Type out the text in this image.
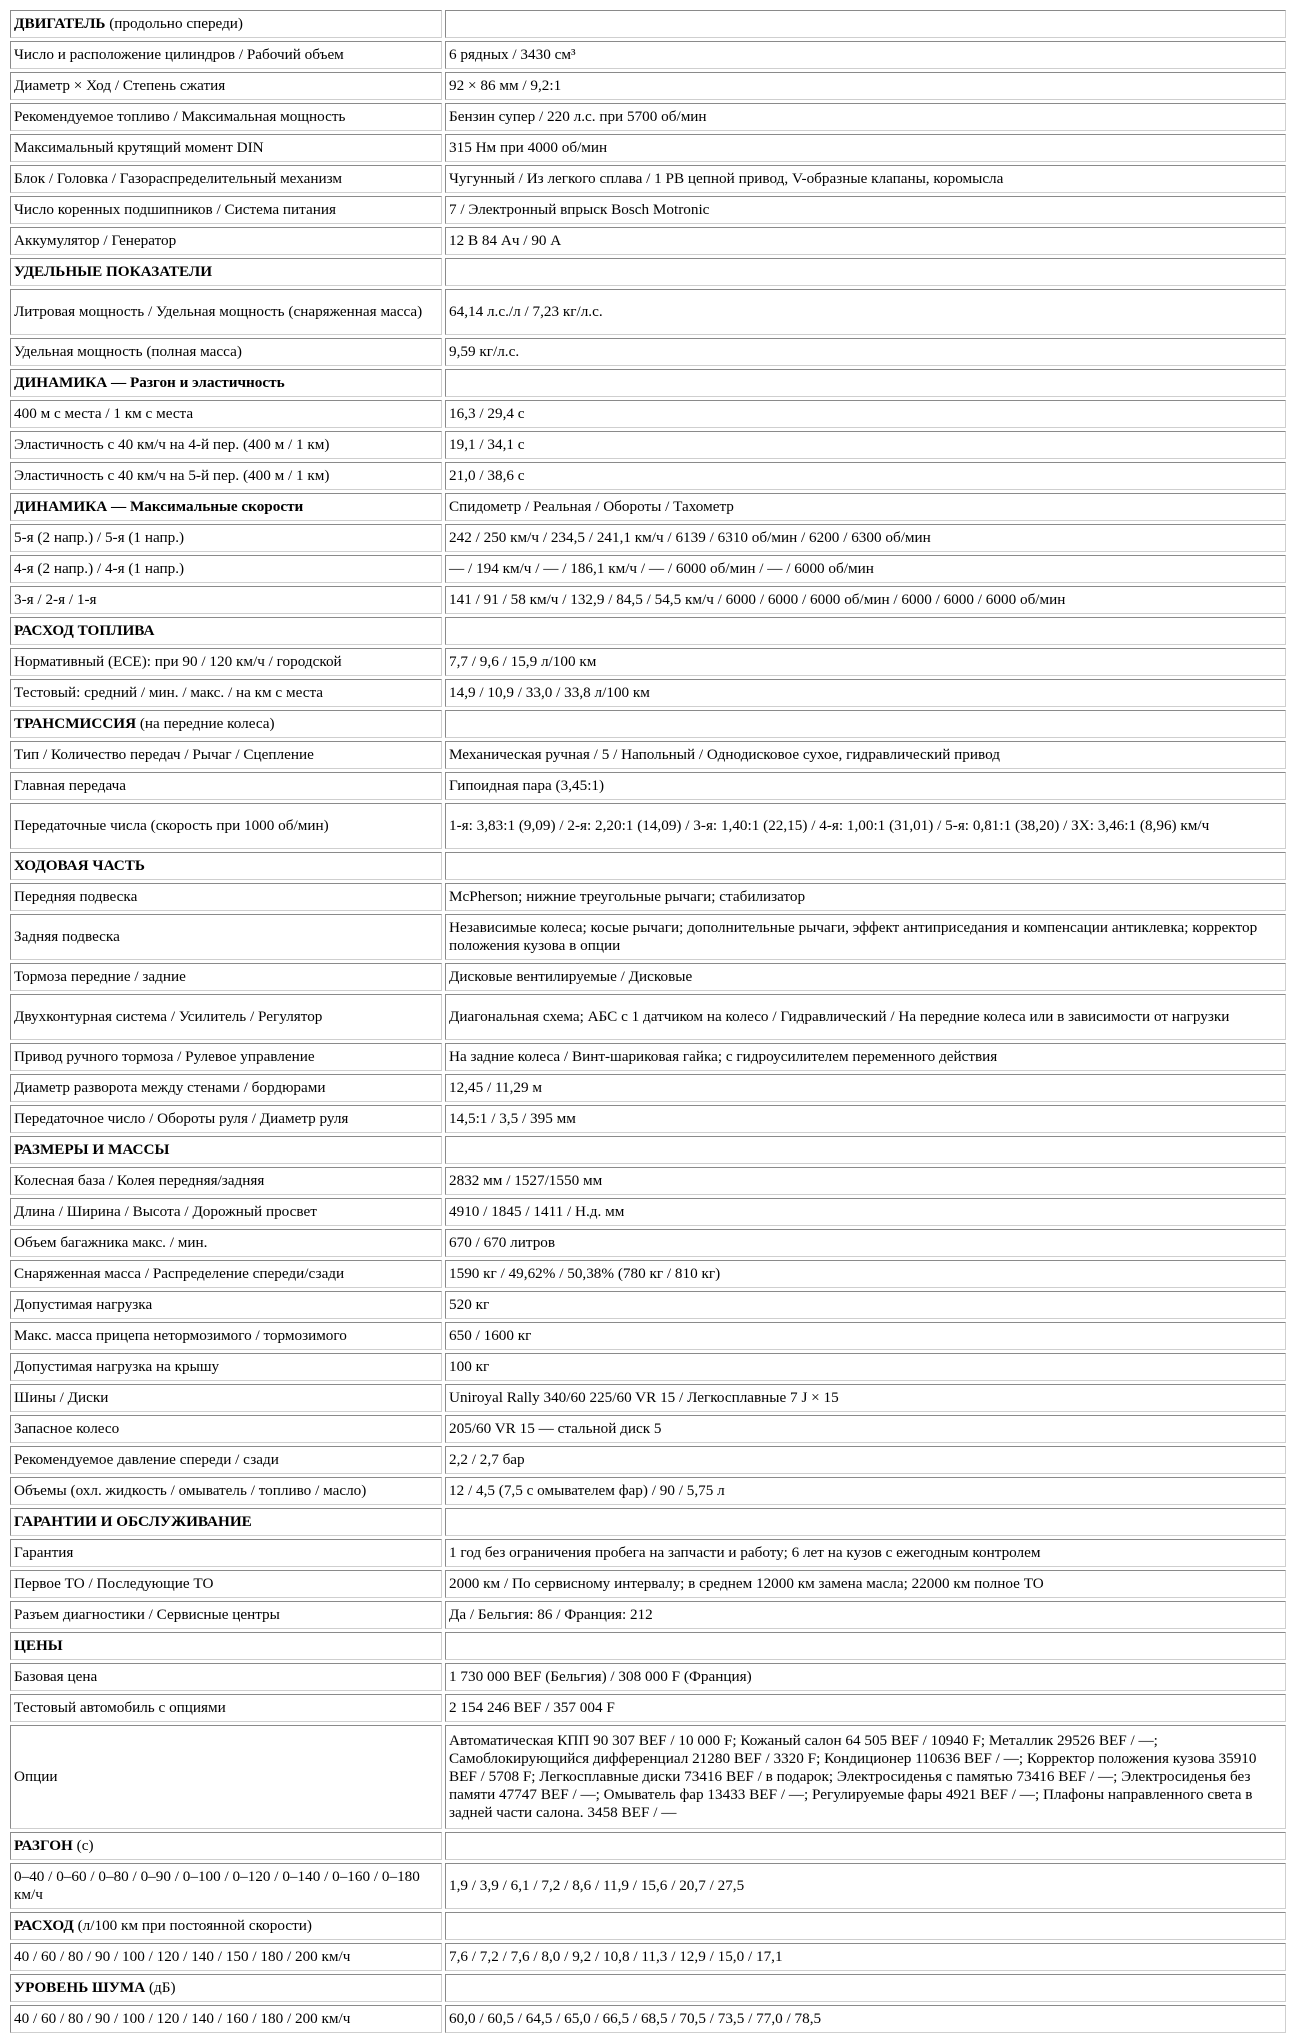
ДВИГАТЕЛЬ (продольно спереди)	
Число и расположение цилиндров / Рабочий объем	6 рядных / 3430 см³
Диаметр × Ход / Степень сжатия	92 × 86 мм / 9,2:1
Рекомендуемое топливо / Максимальная мощность	Бензин супер / 220 л.с. при 5700 об/мин
Максимальный крутящий момент DIN	315 Нм при 4000 об/мин
Блок / Головка / Газораспределительный механизм	Чугунный / Из легкого сплава / 1 РВ цепной привод, V-образные клапаны, коромысла
Число коренных подшипников / Система питания	7 / Электронный впрыск Bosch Motronic
Аккумулятор / Генератор	12 В 84 Ач / 90 А
УДЕЛЬНЫЕ ПОКАЗАТЕЛИ	
Литровая мощность / Удельная мощность (снаряженная масса)	64,14 л.с./л / 7,23 кг/л.с.
Удельная мощность (полная масса)	9,59 кг/л.с.
ДИНАМИКА — Разгон и эластичность	
400 м с места / 1 км с места	16,3 / 29,4 с
Эластичность с 40 км/ч на 4-й пер. (400 м / 1 км)	19,1 / 34,1 с
Эластичность с 40 км/ч на 5-й пер. (400 м / 1 км)	21,0 / 38,6 с
ДИНАМИКА — Максимальные скорости	Спидометр / Реальная / Обороты / Тахометр
5-я (2 напр.) / 5-я (1 напр.)	242 / 250 км/ч / 234,5 / 241,1 км/ч / 6139 / 6310 об/мин / 6200 / 6300 об/мин
4-я (2 напр.) / 4-я (1 напр.)	— / 194 км/ч / — / 186,1 км/ч / — / 6000 об/мин / — / 6000 об/мин
3-я / 2-я / 1-я	141 / 91 / 58 км/ч / 132,9 / 84,5 / 54,5 км/ч / 6000 / 6000 / 6000 об/мин / 6000 / 6000 / 6000 об/мин
РАСХОД ТОПЛИВА	
Нормативный (ECE): при 90 / 120 км/ч / городской	7,7 / 9,6 / 15,9 л/100 км
Тестовый: средний / мин. / макс. / на км с места	14,9 / 10,9 / 33,0 / 33,8 л/100 км
ТРАНСМИССИЯ (на передние колеса)	
Тип / Количество передач / Рычаг / Сцепление	Механическая ручная / 5 / Напольный / Однодисковое сухое, гидравлический привод
Главная передача	Гипоидная пара (3,45:1)
Передаточные числа (скорость при 1000 об/мин)	1-я: 3,83:1 (9,09) / 2-я: 2,20:1 (14,09) / 3-я: 1,40:1 (22,15) / 4-я: 1,00:1 (31,01) / 5-я: 0,81:1 (38,20) / ЗХ: 3,46:1 (8,96) км/ч
ХОДОВАЯ ЧАСТЬ	
Передняя подвеска	McPherson; нижние треугольные рычаги; стабилизатор
Задняя подвеска	Независимые колеса; косые рычаги; дополнительные рычаги, эффект антиприседания и компенсации антиклевка; корректор положения кузова в опции
Тормоза передние / задние	Дисковые вентилируемые / Дисковые
Двухконтурная система / Усилитель / Регулятор	Диагональная схема; АБС с 1 датчиком на колесо / Гидравлический / На передние колеса или в зависимости от нагрузки
Привод ручного тормоза / Рулевое управление	На задние колеса / Винт-шариковая гайка; с гидроусилителем переменного действия
Диаметр разворота между стенами / бордюрами	12,45 / 11,29 м
Передаточное число / Обороты руля / Диаметр руля	14,5:1 / 3,5 / 395 мм
РАЗМЕРЫ И МАССЫ	
Колесная база / Колея передняя/задняя	2832 мм / 1527/1550 мм
Длина / Ширина / Высота / Дорожный просвет	4910 / 1845 / 1411 / Н.д. мм
Объем багажника макс. / мин.	670 / 670 литров
Снаряженная масса / Распределение спереди/сзади	1590 кг / 49,62% / 50,38% (780 кг / 810 кг)
Допустимая нагрузка	520 кг
Макс. масса прицепа нетормозимого / тормозимого	650 / 1600 кг
Допустимая нагрузка на крышу	100 кг
Шины / Диски	Uniroyal Rally 340/60 225/60 VR 15 / Легкосплавные 7 J × 15
Запасное колесо	205/60 VR 15 — стальной диск 5
Рекомендуемое давление спереди / сзади	2,2 / 2,7 бар
Объемы (охл. жидкость / омыватель / топливо / масло)	12 / 4,5 (7,5 с омывателем фар) / 90 / 5,75 л
ГАРАНТИИ И ОБСЛУЖИВАНИЕ	
Гарантия	1 год без ограничения пробега на запчасти и работу; 6 лет на кузов с ежегодным контролем
Первое ТО / Последующие ТО	2000 км / По сервисному интервалу; в среднем 12000 км замена масла; 22000 км полное ТО
Разъем диагностики / Сервисные центры	Да / Бельгия: 86 / Франция: 212
ЦЕНЫ	
Базовая цена	1 730 000 BEF (Бельгия) / 308 000 F (Франция)
Тестовый автомобиль с опциями	2 154 246 BEF / 357 004 F
Опции	Автоматическая КПП 90 307 BEF / 10 000 F; Кожаный салон 64 505 BEF / 10940 F; Металлик 29526 BEF / —; Самоблокирующийся дифференциал 21280 BEF / 3320 F; Кондиционер 110636 BEF / —; Корректор положения кузова 35910 BEF / 5708 F; Легкосплавные диски 73416 BEF / в подарок; Электросиденья с памятью 73416 BEF / —; Электросиденья без памяти 47747 BEF / —; Омыватель фар 13433 BEF / —; Регулируемые фары 4921 BEF / —; Плафоны направленного света в задней части салона. 3458 BEF / —
РАЗГОН (с)	
0–40 / 0–60 / 0–80 / 0–90 / 0–100 / 0–120 / 0–140 / 0–160 / 0–180 км/ч	1,9 / 3,9 / 6,1 / 7,2 / 8,6 / 11,9 / 15,6 / 20,7 / 27,5
РАСХОД (л/100 км при постоянной скорости)	
40 / 60 / 80 / 90 / 100 / 120 / 140 / 150 / 180 / 200 км/ч	7,6 / 7,2 / 7,6 / 8,0 / 9,2 / 10,8 / 11,3 / 12,9 / 15,0 / 17,1
УРОВЕНЬ ШУМА (дБ)	
40 / 60 / 80 / 90 / 100 / 120 / 140 / 160 / 180 / 200 км/ч	60,0 / 60,5 / 64,5 / 65,0 / 66,5 / 68,5 / 70,5 / 73,5 / 77,0 / 78,5
